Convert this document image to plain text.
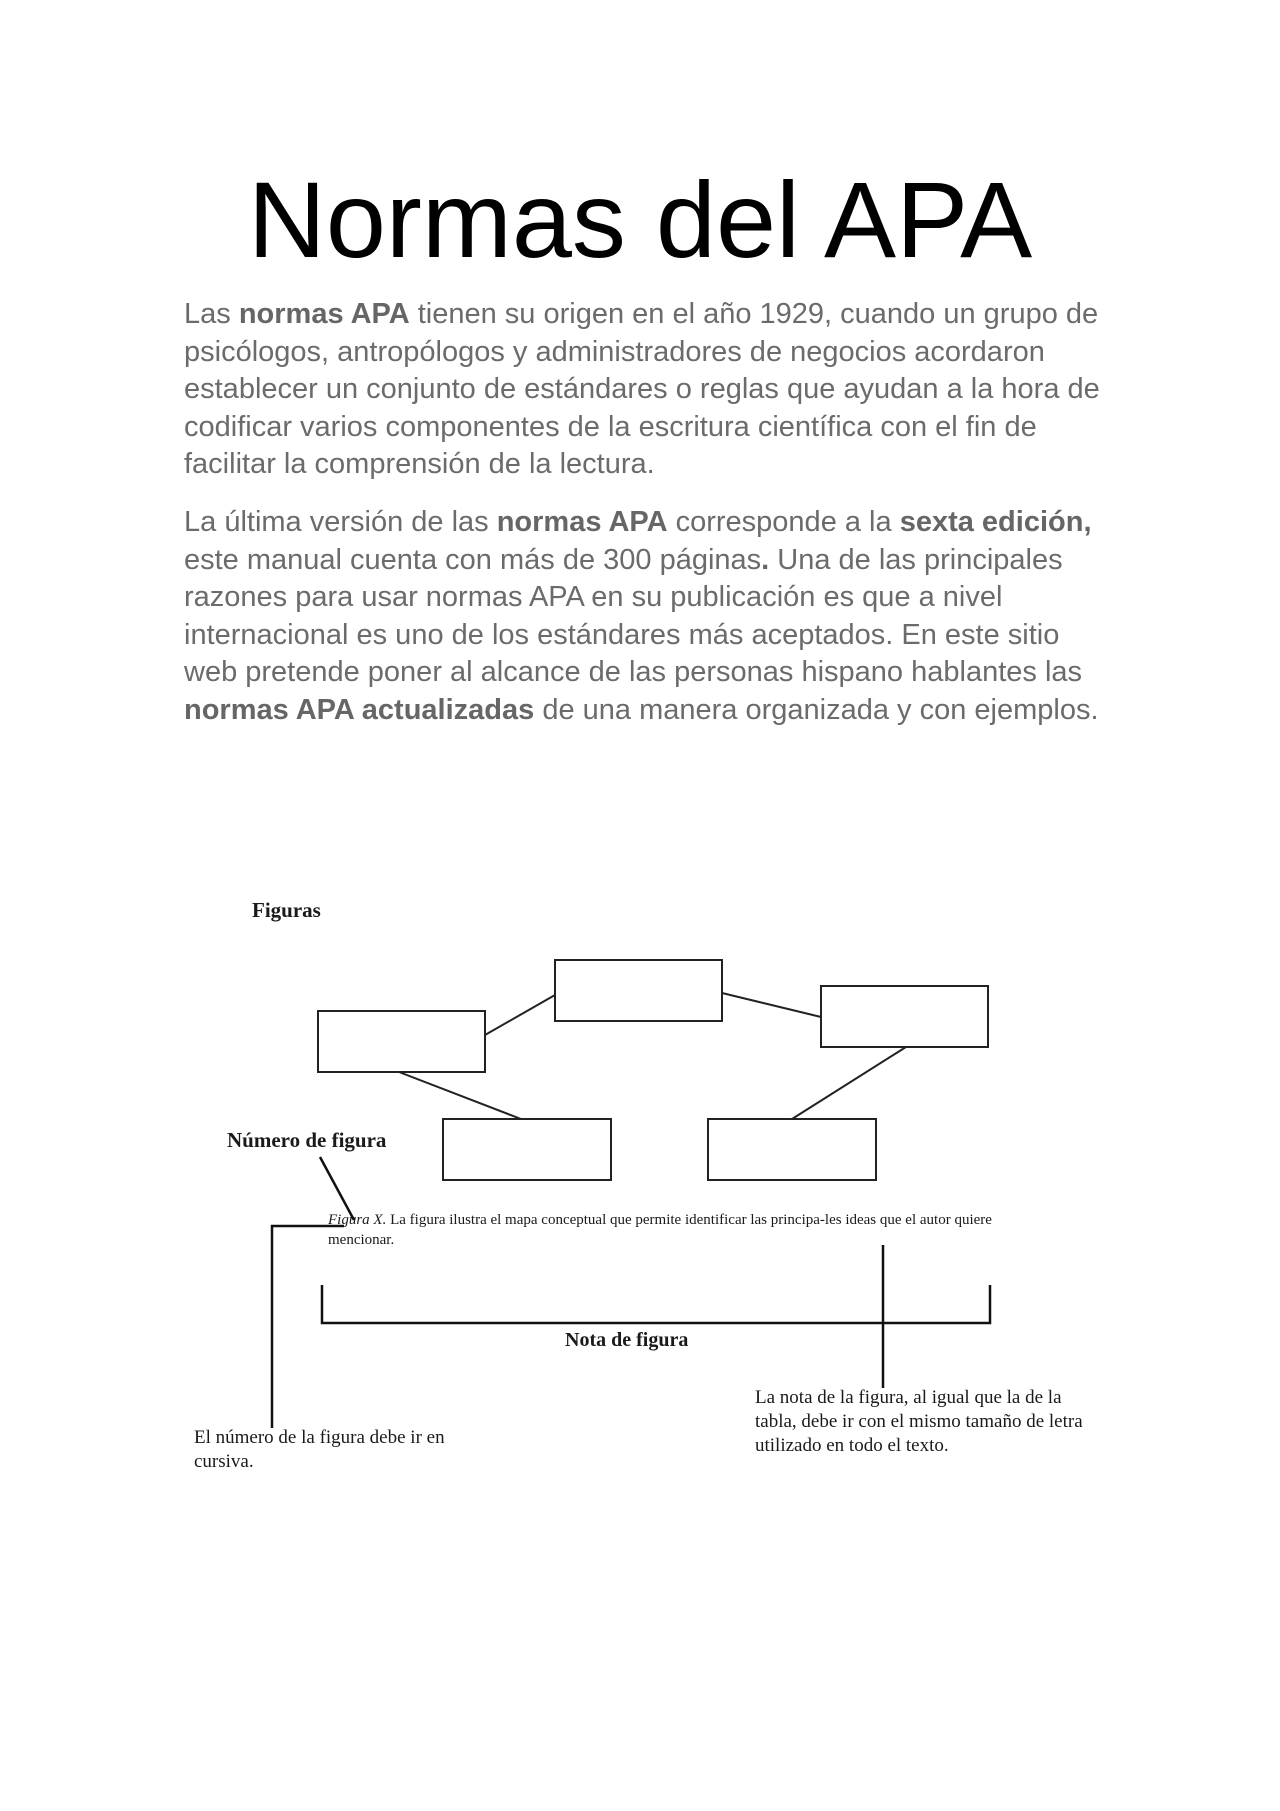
Normas del APA

Las normas APA tienen su origen en el año 1929, cuando un grupo de psicólogos, antropólogos y administradores de negocios acordaron establecer un conjunto de estándares o reglas que ayudan a la hora de codificar varios componentes de la escritura científica con el fin de facilitar la comprensión de la lectura.

La última versión de las normas APA corresponde a la sexta edición, este manual cuenta con más de 300 páginas. Una de las principales razones para usar normas APA en su publicación es que a nivel internacional es uno de los estándares más aceptados. En este sitio web pretende poner al alcance de las personas hispano hablantes las normas APA actualizadas de una manera organizada y con ejemplos.

Figuras
Número de figura
Figura X. La figura ilustra el mapa conceptual que permite identificar las principa-les ideas que el autor quiere mencionar.
Nota de figura
El número de la figura debe ir en cursiva.
La nota de la figura, al igual que la de la tabla, debe ir con el mismo tamaño de letra utilizado en todo el texto.
